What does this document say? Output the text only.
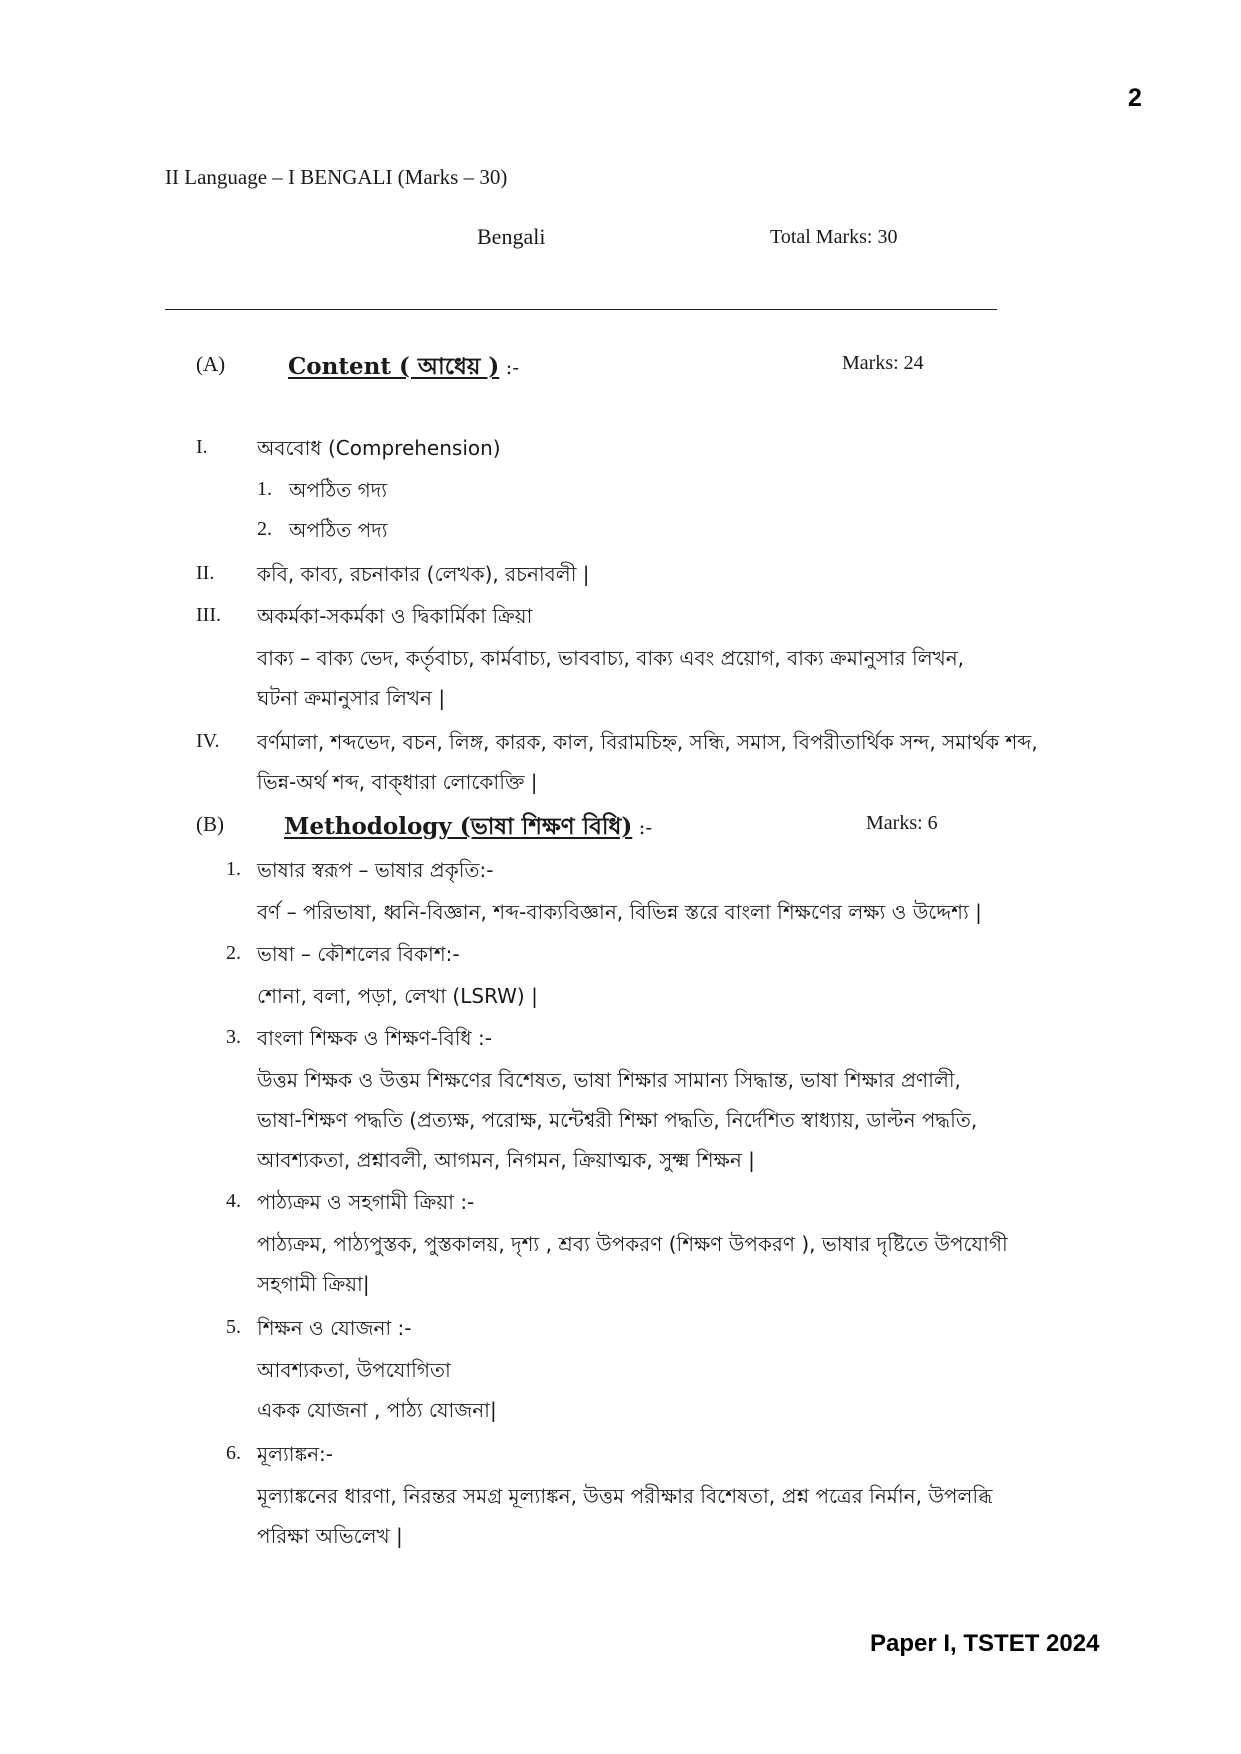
2
II Language – I BENGALI (Marks – 30)
Bengali	Total Marks: 30
(A)	Content ( আধেয় ) :-	Marks: 24
I. অববোধ (Comprehension)
1. অপঠিত গদ্য
2. অপঠিত পদ্য
II. কবি, কাব্য, রচনাকার (লেখক), রচনাবলী |
III. অকর্মকা-সকর্মকা ও দ্বিকার্মিকা ক্রিয়া
বাক্য – বাক্য ভেদ, কর্তৃবাচ্য, কার্মবাচ্য, ভাববাচ্য, বাক্য এবং প্রয়োগ, বাক্য ক্রমানুসার লিখন,
ঘটনা ক্রমানুসার লিখন |
IV. বর্ণমালা, শব্দভেদ, বচন, লিঙ্গ, কারক, কাল, বিরামচিহ্ন, সন্ধি, সমাস, বিপরীতার্থিক সন্দ, সমার্থক শব্দ,
ভিন্ন-অর্থ শব্দ, বাক্ধারা লোকোক্তি |
(B)	Methodology (ভাষা শিক্ষণ বিধি) :-	Marks: 6
1. ভাষার স্বরূপ – ভাষার প্রকৃতি:-
বর্ণ – পরিভাষা, ধ্বনি-বিজ্ঞান, শব্দ-বাক্যবিজ্ঞান, বিভিন্ন স্তরে বাংলা শিক্ষণের লক্ষ্য ও উদ্দেশ্য |
2. ভাষা – কৌশলের বিকাশ:-
শোনা, বলা, পড়া, লেখা (LSRW) |
3. বাংলা শিক্ষক ও শিক্ষণ-বিধি :-
উত্তম শিক্ষক ও উত্তম শিক্ষণের বিশেষত, ভাষা শিক্ষার সামান্য সিদ্ধান্ত, ভাষা শিক্ষার প্রণালী,
ভাষা-শিক্ষণ পদ্ধতি (প্রত্যক্ষ, পরোক্ষ, মন্টেশ্বরী শিক্ষা পদ্ধতি, নির্দেশিত স্বাধ্যায়, ডাল্টন পদ্ধতি,
আবশ্যকতা, প্রশ্নাবলী, আগমন, নিগমন, ক্রিয়াত্মক, সুক্ষ্ম শিক্ষন |
4. পাঠ্যক্রম ও সহগামী ক্রিয়া :-
পাঠ্যক্রম, পাঠ্যপুস্তক, পুস্তকালয়, দৃশ্য , শ্রব্য উপকরণ (শিক্ষণ উপকরণ ), ভাষার দৃষ্টিতে উপযোগী
সহগামী ক্রিয়া|
5. শিক্ষন ও যোজনা :-
আবশ্যকতা, উপযোগিতা
একক যোজনা , পাঠ্য যোজনা|
6. মূল্যাঙ্কন:-
মূল্যাঙ্কনের ধারণা, নিরন্তর সমগ্র মূল্যাঙ্কন, উত্তম পরীক্ষার বিশেষতা, প্রশ্ন পত্রের নির্মান, উপলব্ধি
পরিক্ষা অভিলেখ |
Paper I, TSTET 2024
